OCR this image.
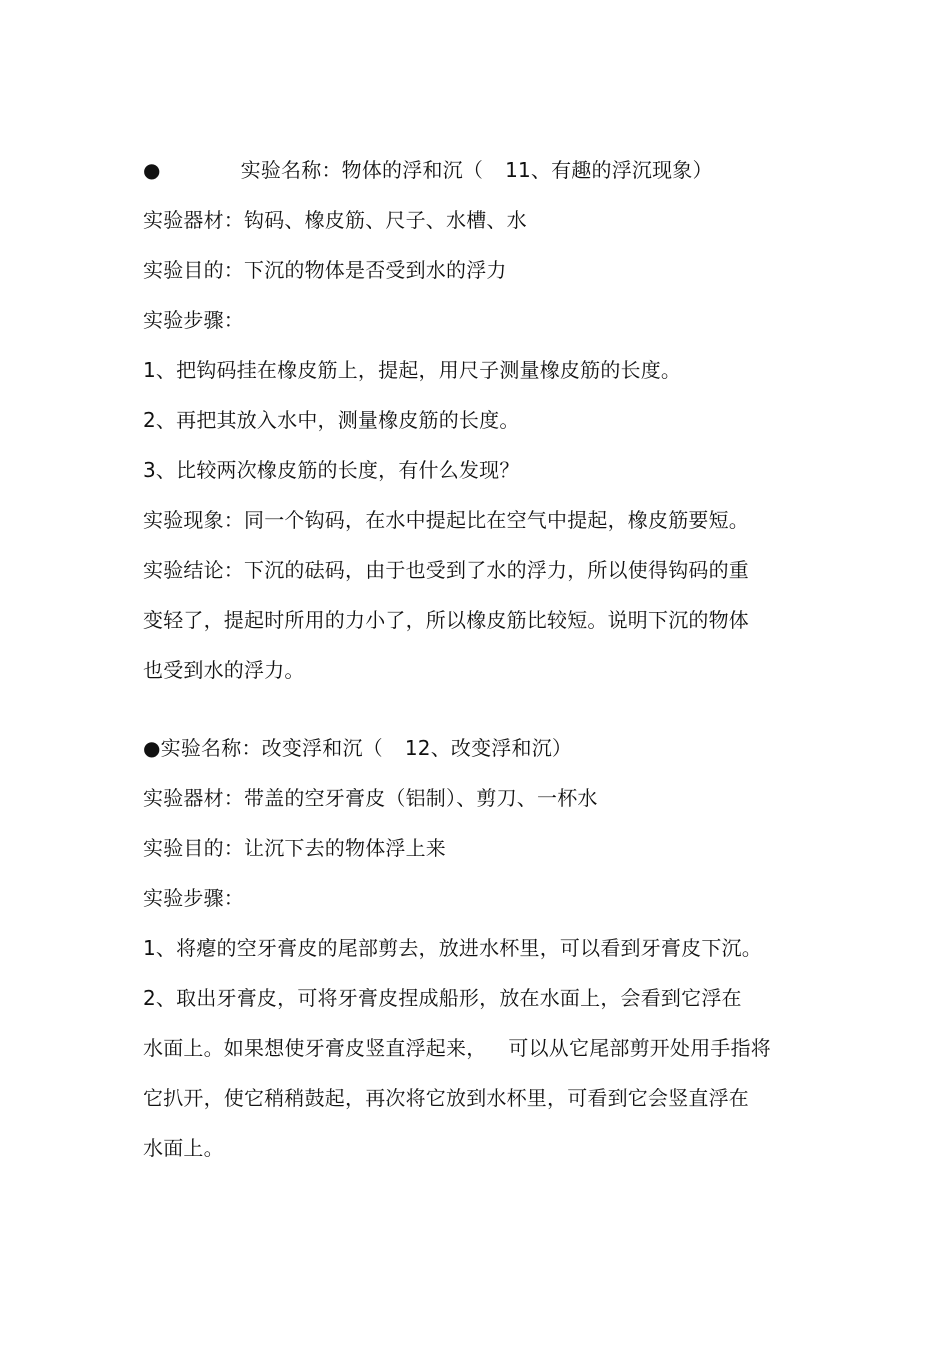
●	实验名称：物体的浮和沉（ 11、有趣的浮沉现象）
实验器材：钩码、橡皮筋、尺子、水槽、水
实验目的：下沉的物体是否受到水的浮力
实验步骤：
1、把钩码挂在橡皮筋上，提起，用尺子测量橡皮筋的长度。
2、再把其放入水中，测量橡皮筋的长度。
3、比较两次橡皮筋的长度，有什么发现？
实验现象：同一个钩码，在水中提起比在空气中提起，橡皮筋要短。
实验结论：下沉的砝码，由于也受到了水的浮力，所以使得钩码的重
变轻了，提起时所用的力小了，所以橡皮筋比较短。说明下沉的物体
也受到水的浮力。
●实验名称：改变浮和沉（ 12、改变浮和沉）
实验器材：带盖的空牙膏皮（铝制）、剪刀、一杯水
实验目的：让沉下去的物体浮上来
实验步骤：
1、将瘪的空牙膏皮的尾部剪去，放进水杯里，可以看到牙膏皮下沉。
2、取出牙膏皮，可将牙膏皮捏成船形，放在水面上，会看到它浮在
水面上。如果想使牙膏皮竖直浮起来， 可以从它尾部剪开处用手指将
它扒开，使它稍稍鼓起，再次将它放到水杯里，可看到它会竖直浮在
水面上。
